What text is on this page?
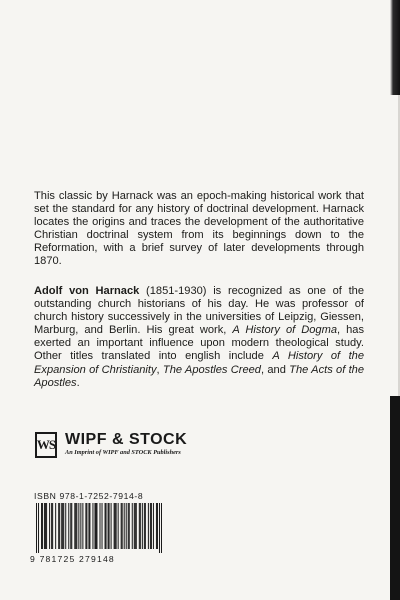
This classic by Harnack was an epoch-making historical work that set the standard for any history of doctrinal development. Harnack locates the origins and traces the development of the authoritative Christian doctrinal system from its beginnings down to the Reformation, with a brief survey of later developments through 1870.

Adolf von Harnack (1851-1930) is recognized as one of the outstanding church historians of his day. He was professor of church history successively in the universities of Leipzig, Giessen, Marburg, and Berlin. His great work, A History of Dogma, has exerted an important influence upon modern theological study. Other titles translated into english include A History of the Expansion of Christianity, The Apostles Creed, and The Acts of the Apostles.

WS WIPF & STOCK
An Imprint of WIPF and STOCK Publishers
ISBN 978-1-7252-7914-8
9 781725 279148
